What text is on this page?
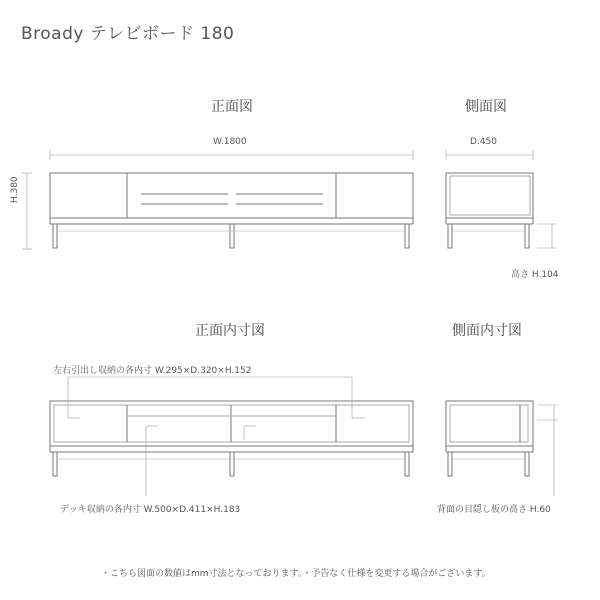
Broady テレビボード 180
正面図	側面図
正面内寸図	側面内寸図
W.1800	D.450
H.380
高さ H.104
左右引出し収納の各内寸 W.295×D.320×H.152
デッキ収納の各内寸 W.500×D.411×H.183	背面の目隠し板の高さ H.60
・こちら図面の数値はmm寸法となっております。・予告なく仕様を変更する場合がございます。
